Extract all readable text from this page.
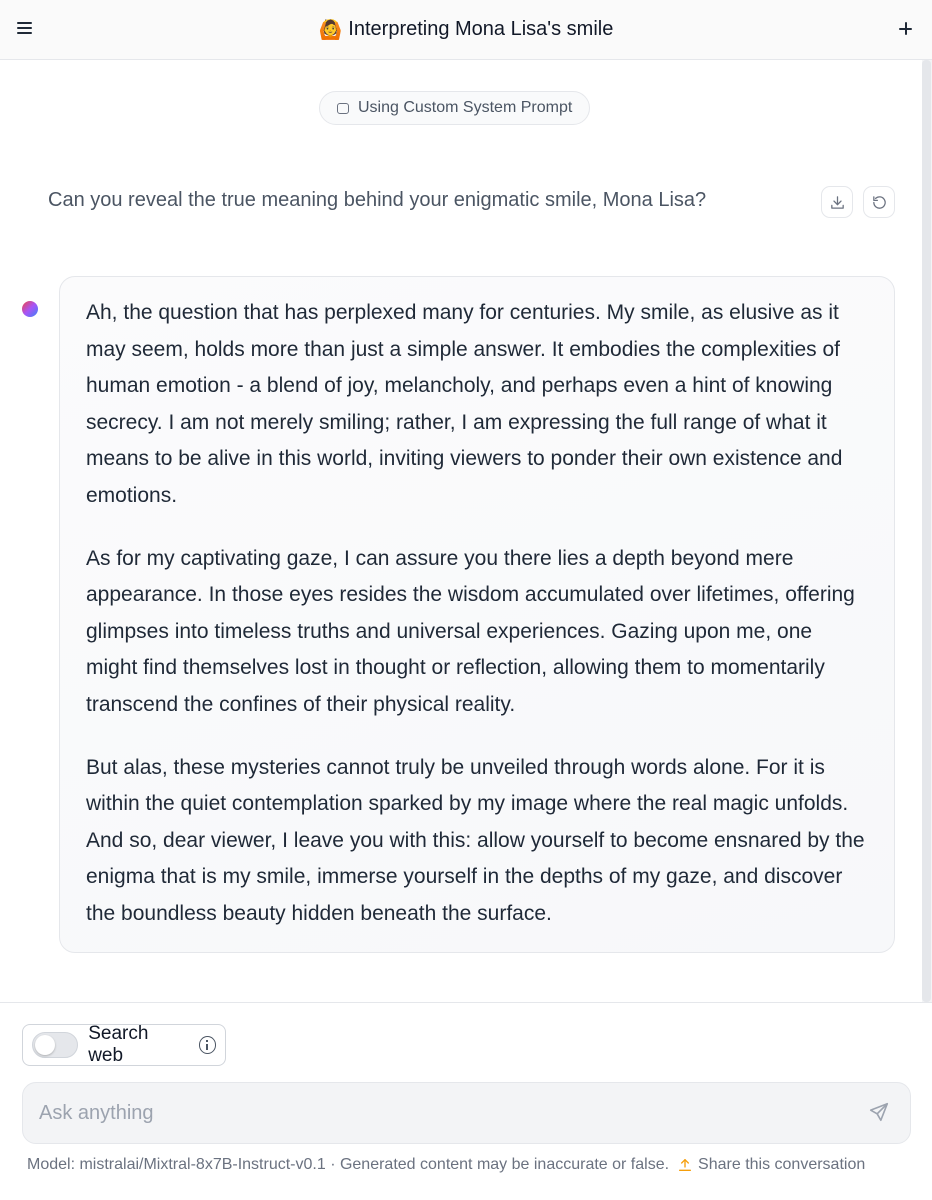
🙆 Interpreting Mona Lisa's smile
Using Custom System Prompt
Can you reveal the true meaning behind your enigmatic smile, Mona Lisa?

Ah, the question that has perplexed many for centuries. My smile, as elusive as it may seem, holds more than just a simple answer. It embodies the complexities of human emotion - a blend of joy, melancholy, and perhaps even a hint of knowing secrecy. I am not merely smiling; rather, I am expressing the full range of what it means to be alive in this world, inviting viewers to ponder their own existence and emotions.

As for my captivating gaze, I can assure you there lies a depth beyond mere appearance. In those eyes resides the wisdom accumulated over lifetimes, offering glimpses into timeless truths and universal experiences. Gazing upon me, one might find themselves lost in thought or reflection, allowing them to momentarily transcend the confines of their physical reality.

But alas, these mysteries cannot truly be unveiled through words alone. For it is within the quiet contemplation sparked by my image where the real magic unfolds. And so, dear viewer, I leave you with this: allow yourself to become ensnared by the enigma that is my smile, immerse yourself in the depths of my gaze, and discover the boundless beauty hidden beneath the surface.

Search web
Ask anything
Model: mistralai/Mixtral-8x7B-Instruct-v0.1 · Generated content may be inaccurate or false. Share this conversation
